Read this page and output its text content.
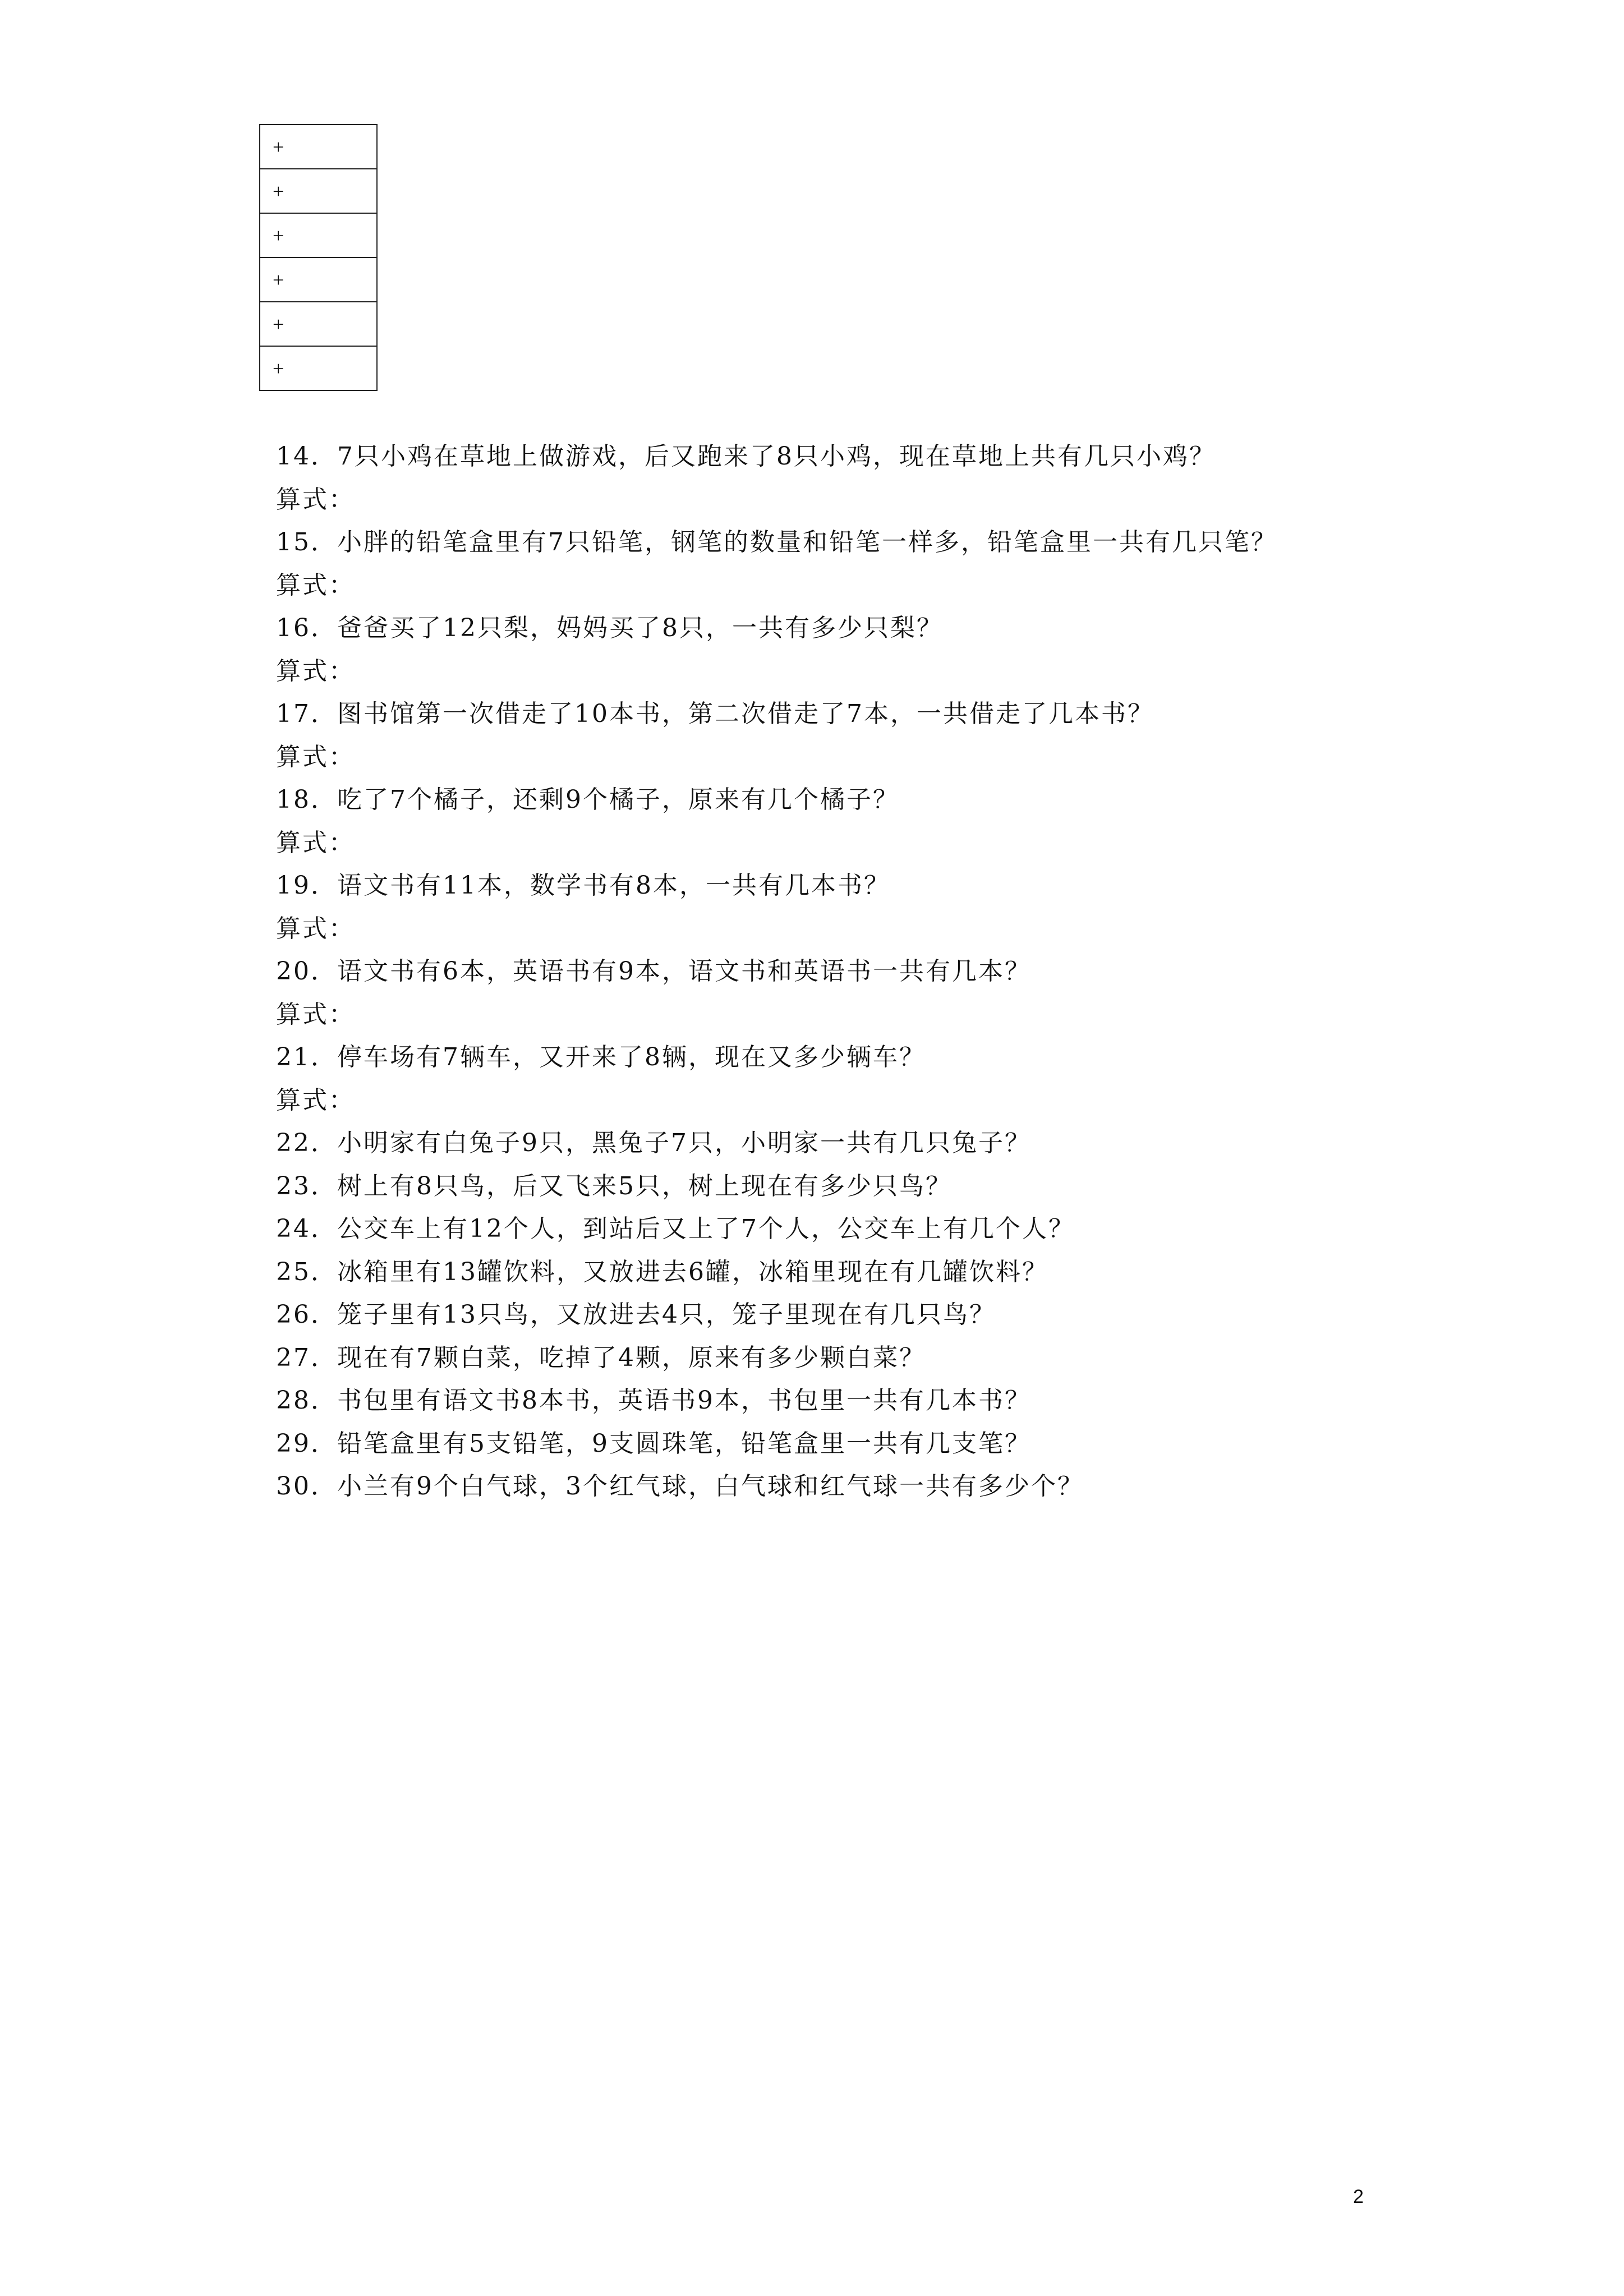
+
+
+
+
+
+
14．7只小鸡在草地上做游戏，后又跑来了8只小鸡，现在草地上共有几只小鸡？
算式：
15．小胖的铅笔盒里有7只铅笔，钢笔的数量和铅笔一样多，铅笔盒里一共有几只笔？
算式：
16．爸爸买了12只梨，妈妈买了8只，一共有多少只梨？
算式：
17．图书馆第一次借走了10本书，第二次借走了7本，一共借走了几本书？
算式：
18．吃了7个橘子，还剩9个橘子，原来有几个橘子？
算式：
19．语文书有11本，数学书有8本，一共有几本书？
算式：
20．语文书有6本，英语书有9本，语文书和英语书一共有几本？
算式：
21．停车场有7辆车，又开来了8辆，现在又多少辆车？
算式：
22．小明家有白兔子9只，黑兔子7只，小明家一共有几只兔子？
23．树上有8只鸟，后又飞来5只，树上现在有多少只鸟？
24．公交车上有12个人，到站后又上了7个人，公交车上有几个人？
25．冰箱里有13罐饮料，又放进去6罐，冰箱里现在有几罐饮料？
26．笼子里有13只鸟，又放进去4只，笼子里现在有几只鸟？
27．现在有7颗白菜，吃掉了4颗，原来有多少颗白菜？
28．书包里有语文书8本书，英语书9本，书包里一共有几本书？
29．铅笔盒里有5支铅笔，9支圆珠笔，铅笔盒里一共有几支笔？
30．小兰有9个白气球，3个红气球，白气球和红气球一共有多少个？
2
